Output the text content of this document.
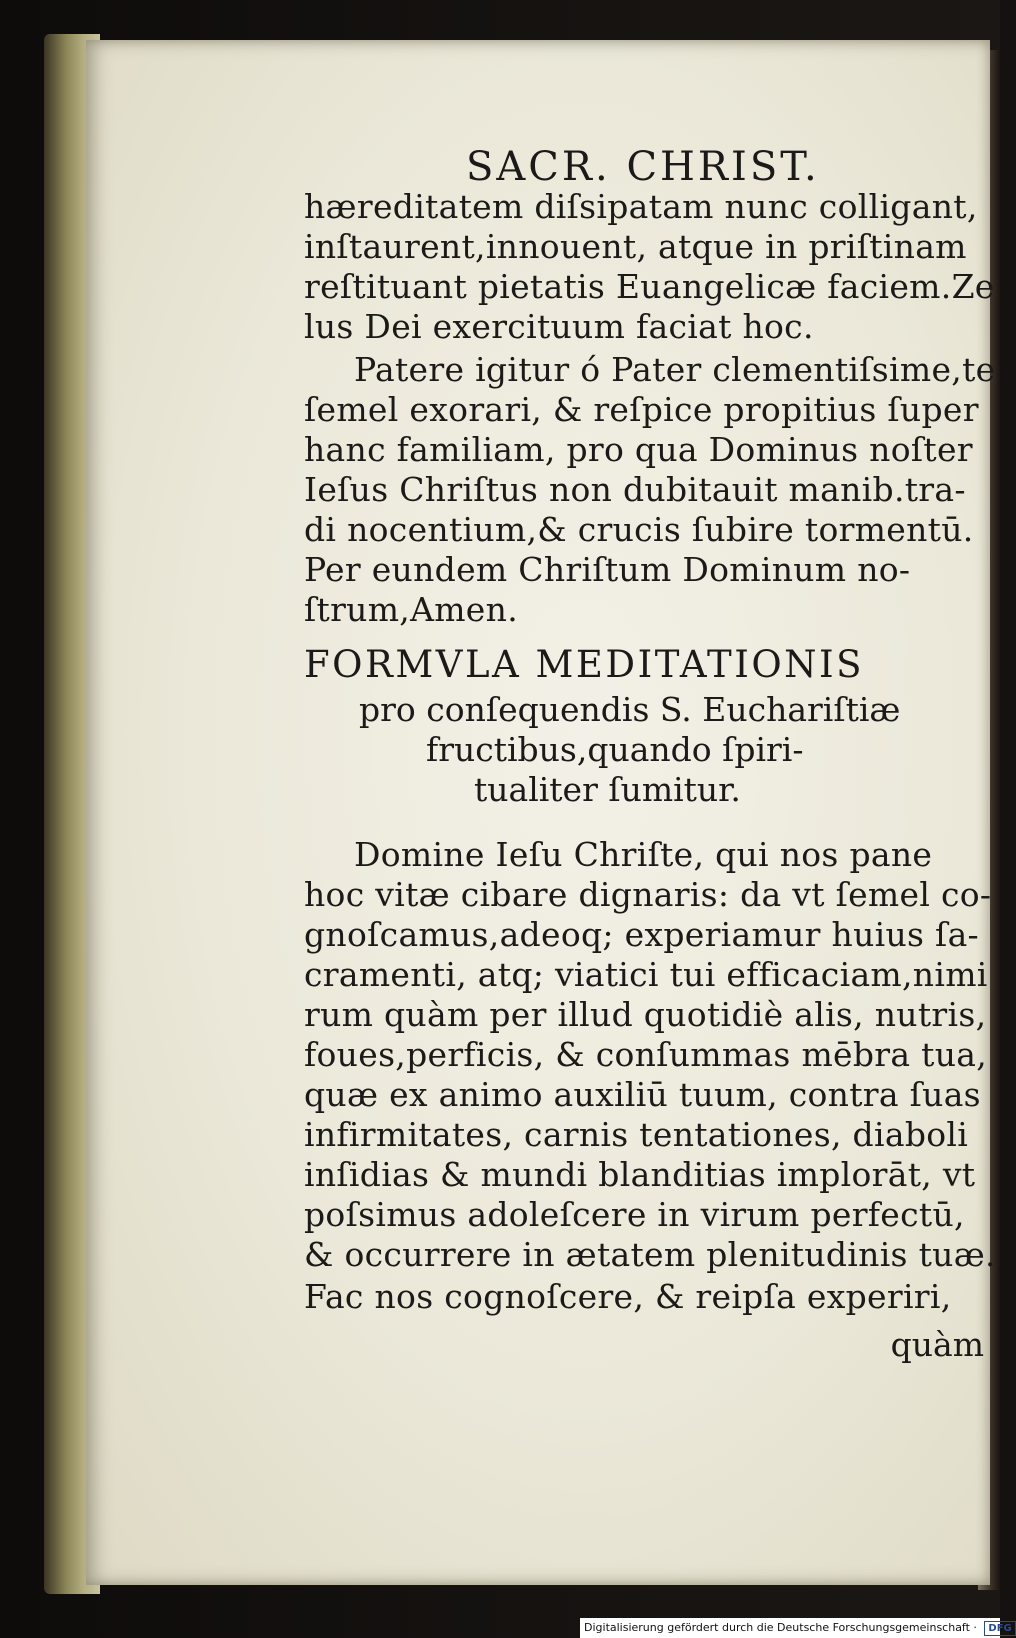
SACR. CHRIST.

hæreditatem diſsipatam nunc colligant,

inſtaurent,innouent, atque in priſtinam

reſtituant pietatis Euangelicæ faciem.Ze

lus Dei exercituum faciat hoc.

Patere igitur ó Pater clementiſsime,te

ſemel exorari, & reſpice propitius ſuper

hanc familiam, pro qua Dominus noſter

Ieſus Chriſtus non dubitauit manib.tra-

di nocentium,& crucis ſubire tormentū.

Per eundem Chriſtum Dominum no-

ſtrum,Amen.

FORMVLA MEDITATIONIS

pro conſequendis S. Euchariſtiæ

fructibus,quando ſpiri-

tualiter ſumitur.

Domine Ieſu Chriſte, qui nos pane

hoc vitæ cibare dignaris: da vt ſemel co-

gnoſcamus,adeoq; experiamur huius ſa-

cramenti, atq; viatici tui efficaciam,nimi

rum quàm per illud quotidiè alis, nutris,

foues,perficis, & conſummas mēbra tua,

quæ ex animo auxiliū tuum, contra ſuas

infirmitates, carnis tentationes, diaboli

inſidias & mundi blanditias implorāt, vt

poſsimus adoleſcere in virum perfectū,

& occurrere in ætatem plenitudinis tuæ.

Fac nos cognoſcere, & reipſa experiri,

quàm

Digitalisierung gefördert durch die Deutsche Forschungsgemeinschaft · DFG
